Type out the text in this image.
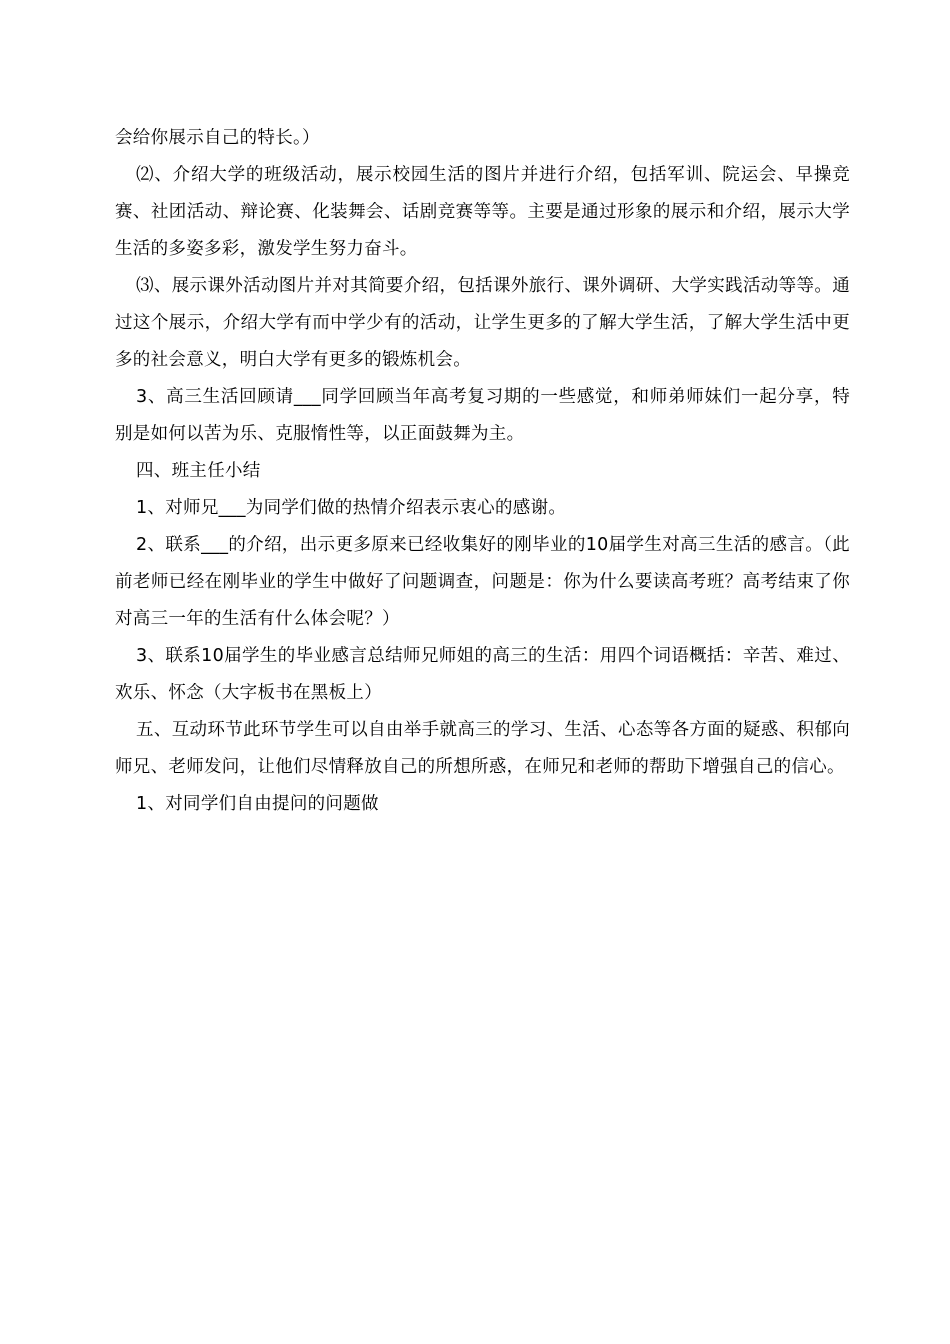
会给你展示自己的特长。）

⑵、介绍大学的班级活动，展示校园生活的图片并进行介绍，包括军训、院运会、早操竞赛、社团活动、辩论赛、化装舞会、话剧竞赛等等。主要是通过形象的展示和介绍，展示大学生活的多姿多彩，激发学生努力奋斗。

⑶、展示课外活动图片并对其简要介绍，包括课外旅行、课外调研、大学实践活动等等。通过这个展示，介绍大学有而中学少有的活动，让学生更多的了解大学生活，了解大学生活中更多的社会意义，明白大学有更多的锻炼机会。

3、高三生活回顾请___同学回顾当年高考复习期的一些感觉，和师弟师妹们一起分享，特别是如何以苦为乐、克服惰性等，以正面鼓舞为主。

四、班主任小结

1、对师兄___为同学们做的热情介绍表示衷心的感谢。

2、联系___的介绍，出示更多原来已经收集好的刚毕业的10届学生对高三生活的感言。（此前老师已经在刚毕业的学生中做好了问题调查，问题是：你为什么要读高考班？高考结束了你对高三一年的生活有什么体会呢？）

3、联系10届学生的毕业感言总结师兄师姐的高三的生活：用四个词语概括：辛苦、难过、欢乐、怀念（大字板书在黑板上）

五、互动环节此环节学生可以自由举手就高三的学习、生活、心态等各方面的疑惑、积郁向师兄、老师发问，让他们尽情释放自己的所想所惑，在师兄和老师的帮助下增强自己的信心。

1、对同学们自由提问的问题做
